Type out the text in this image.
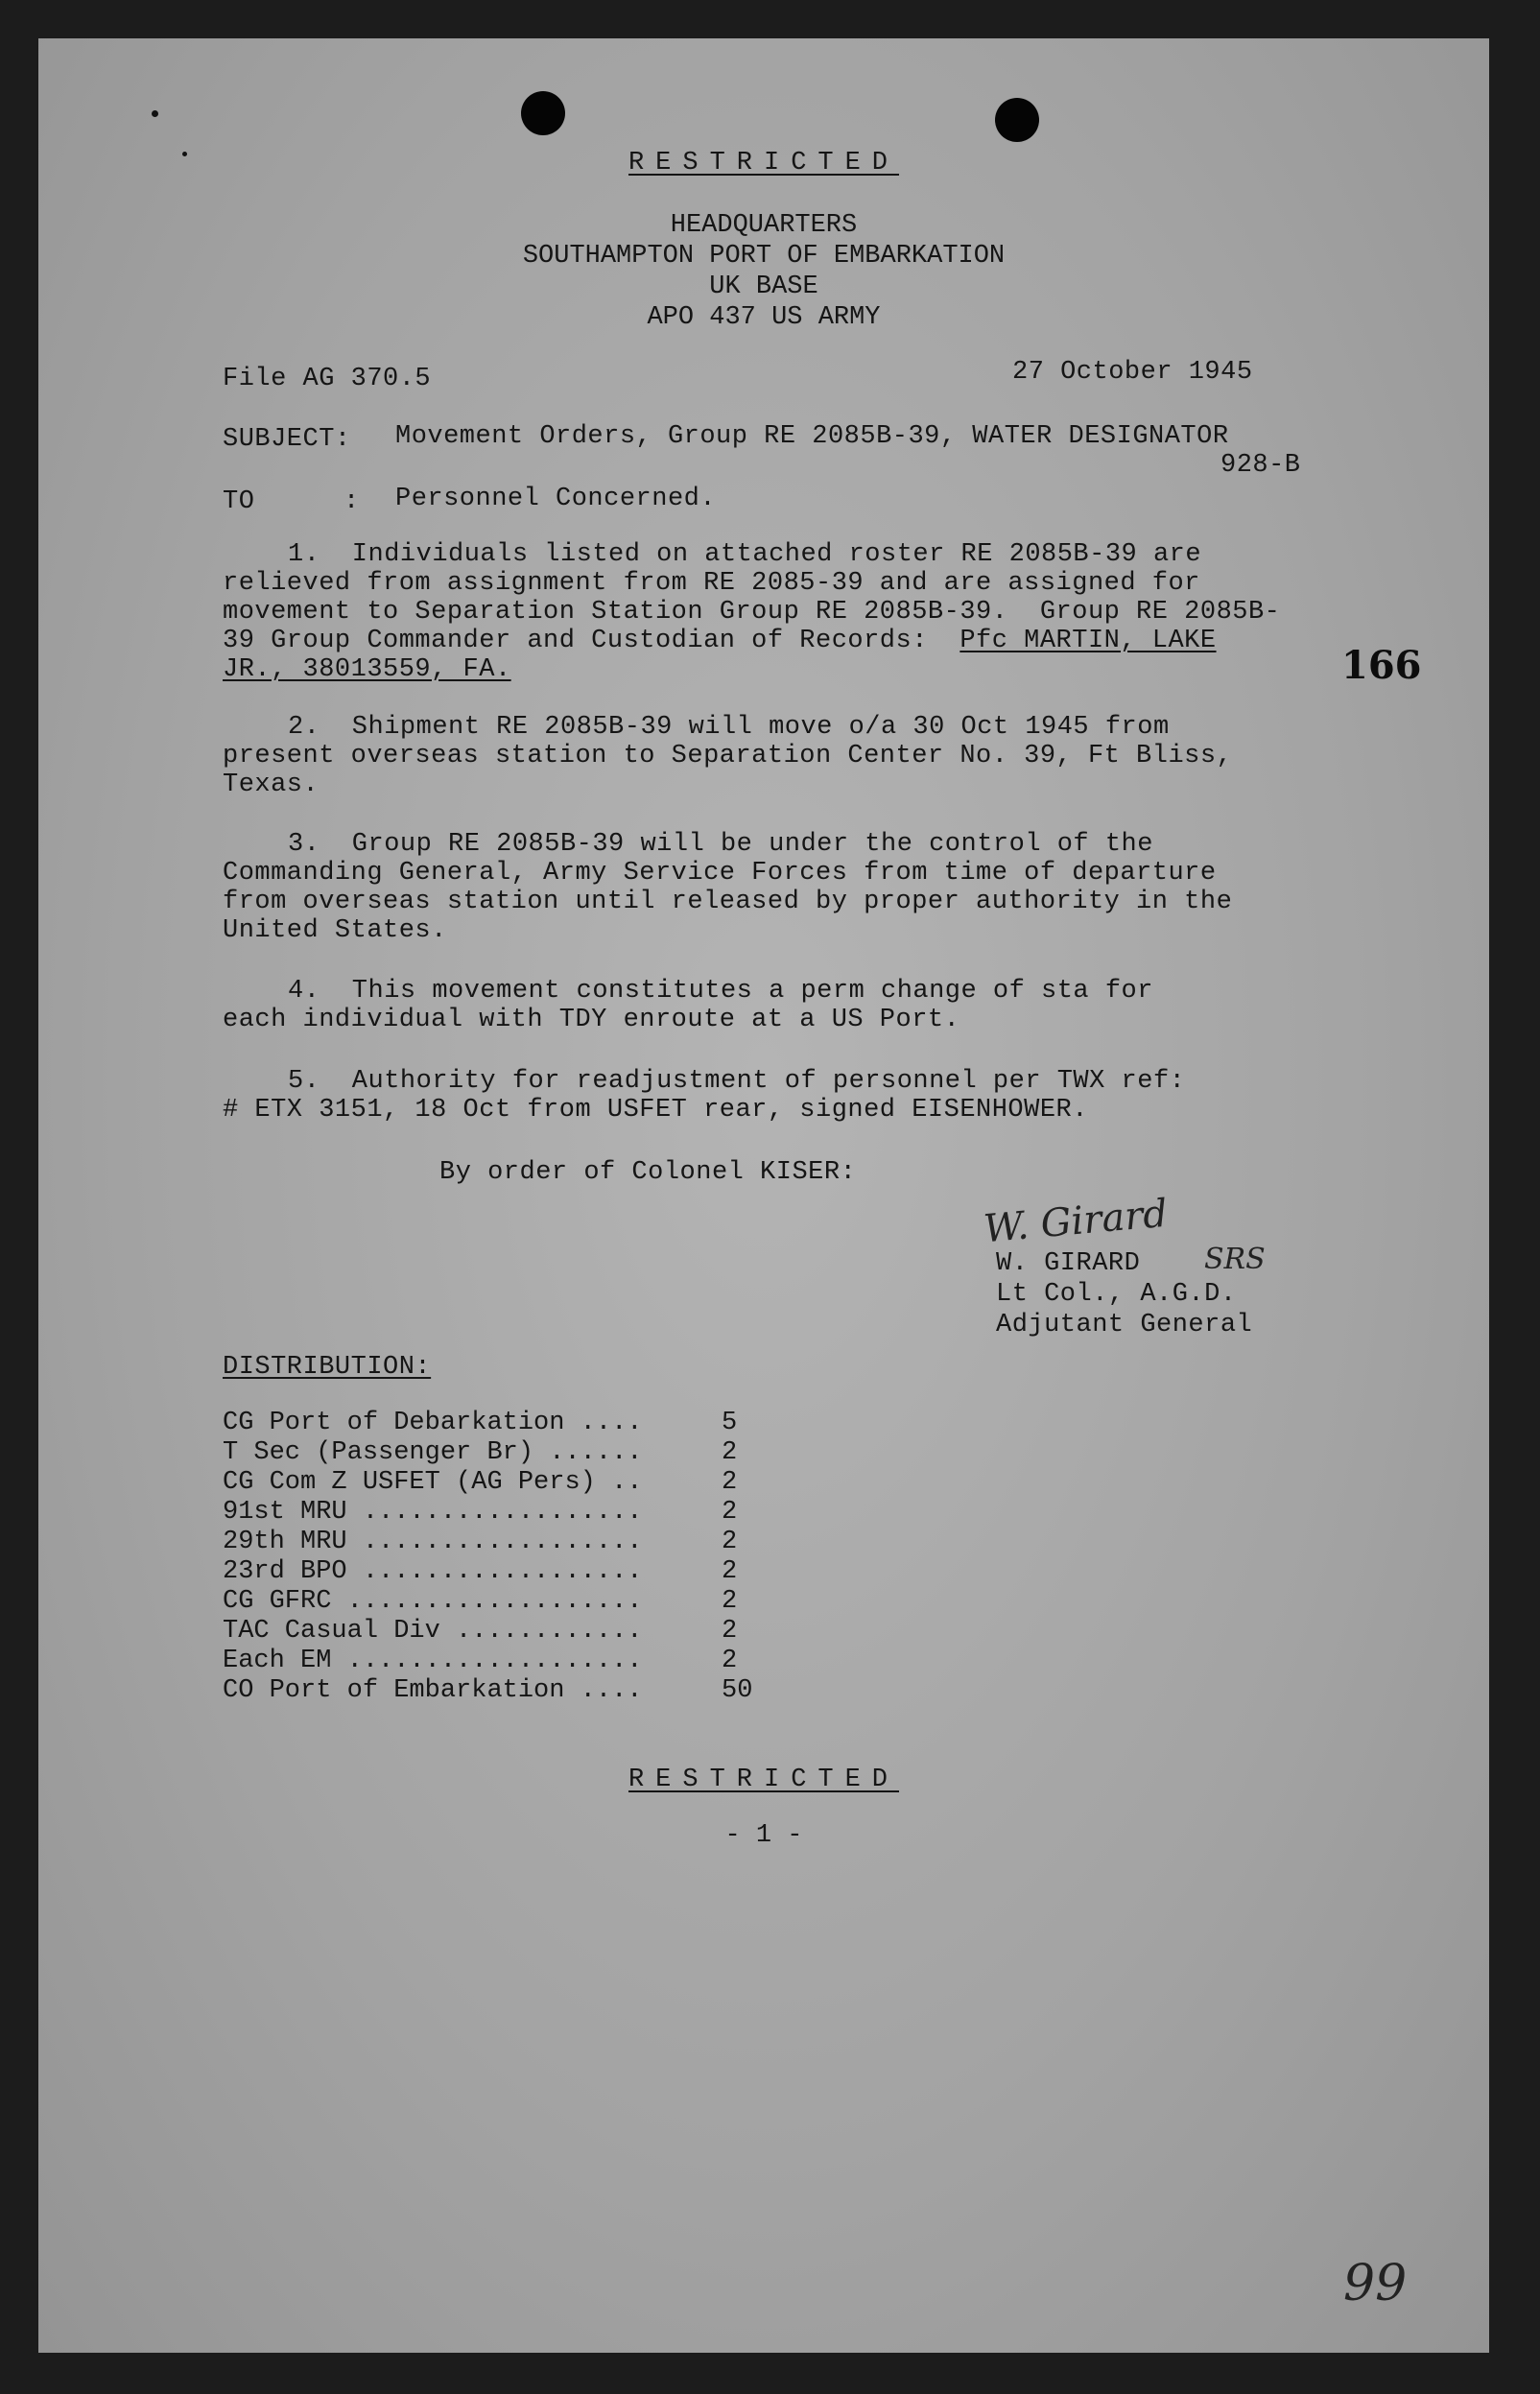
RESTRICTED
HEADQUARTERS
SOUTHAMPTON PORT OF EMBARKATION
UK BASE
APO 437 US ARMY
File AG 370.5	27 October 1945
SUBJECT: Movement Orders, Group RE 2085B-39, WATER DESIGNATOR
928-B
TO	: Personnel Concerned.
1.  Individuals listed on attached roster RE 2085B-39 are
relieved from assignment from RE 2085-39 and are assigned for
movement to Separation Station Group RE 2085B-39.  Group RE 2085B-
39 Group Commander and Custodian of Records:  Pfc MARTIN, LAKE
JR., 38013559, FA.	166
2.  Shipment RE 2085B-39 will move o/a 30 Oct 1945 from
present overseas station to Separation Center No. 39, Ft Bliss,
Texas.
3.  Group RE 2085B-39 will be under the control of the
Commanding General, Army Service Forces from time of departure
from overseas station until released by proper authority in the
United States.
4.  This movement constitutes a perm change of sta for
each individual with TDY enroute at a US Port.
5.  Authority for readjustment of personnel per TWX ref:
# ETX 3151, 18 Oct from USFET rear, signed EISENHOWER.
By order of Colonel KISER:
W. Girard
W. GIRARD SRS
Lt Col., A.G.D.
Adjutant General
DISTRIBUTION:
CG Port of Debarkation ....	5
T Sec (Passenger Br) ......	2
CG Com Z USFET (AG Pers) ..	2
91st MRU ..................	2
29th MRU ..................	2
23rd BPO ..................	2
CG GFRC ...................	2
TAC Casual Div ............	2
Each EM ...................	2
CO Port of Embarkation ....	50
RESTRICTED
- 1 -
99
